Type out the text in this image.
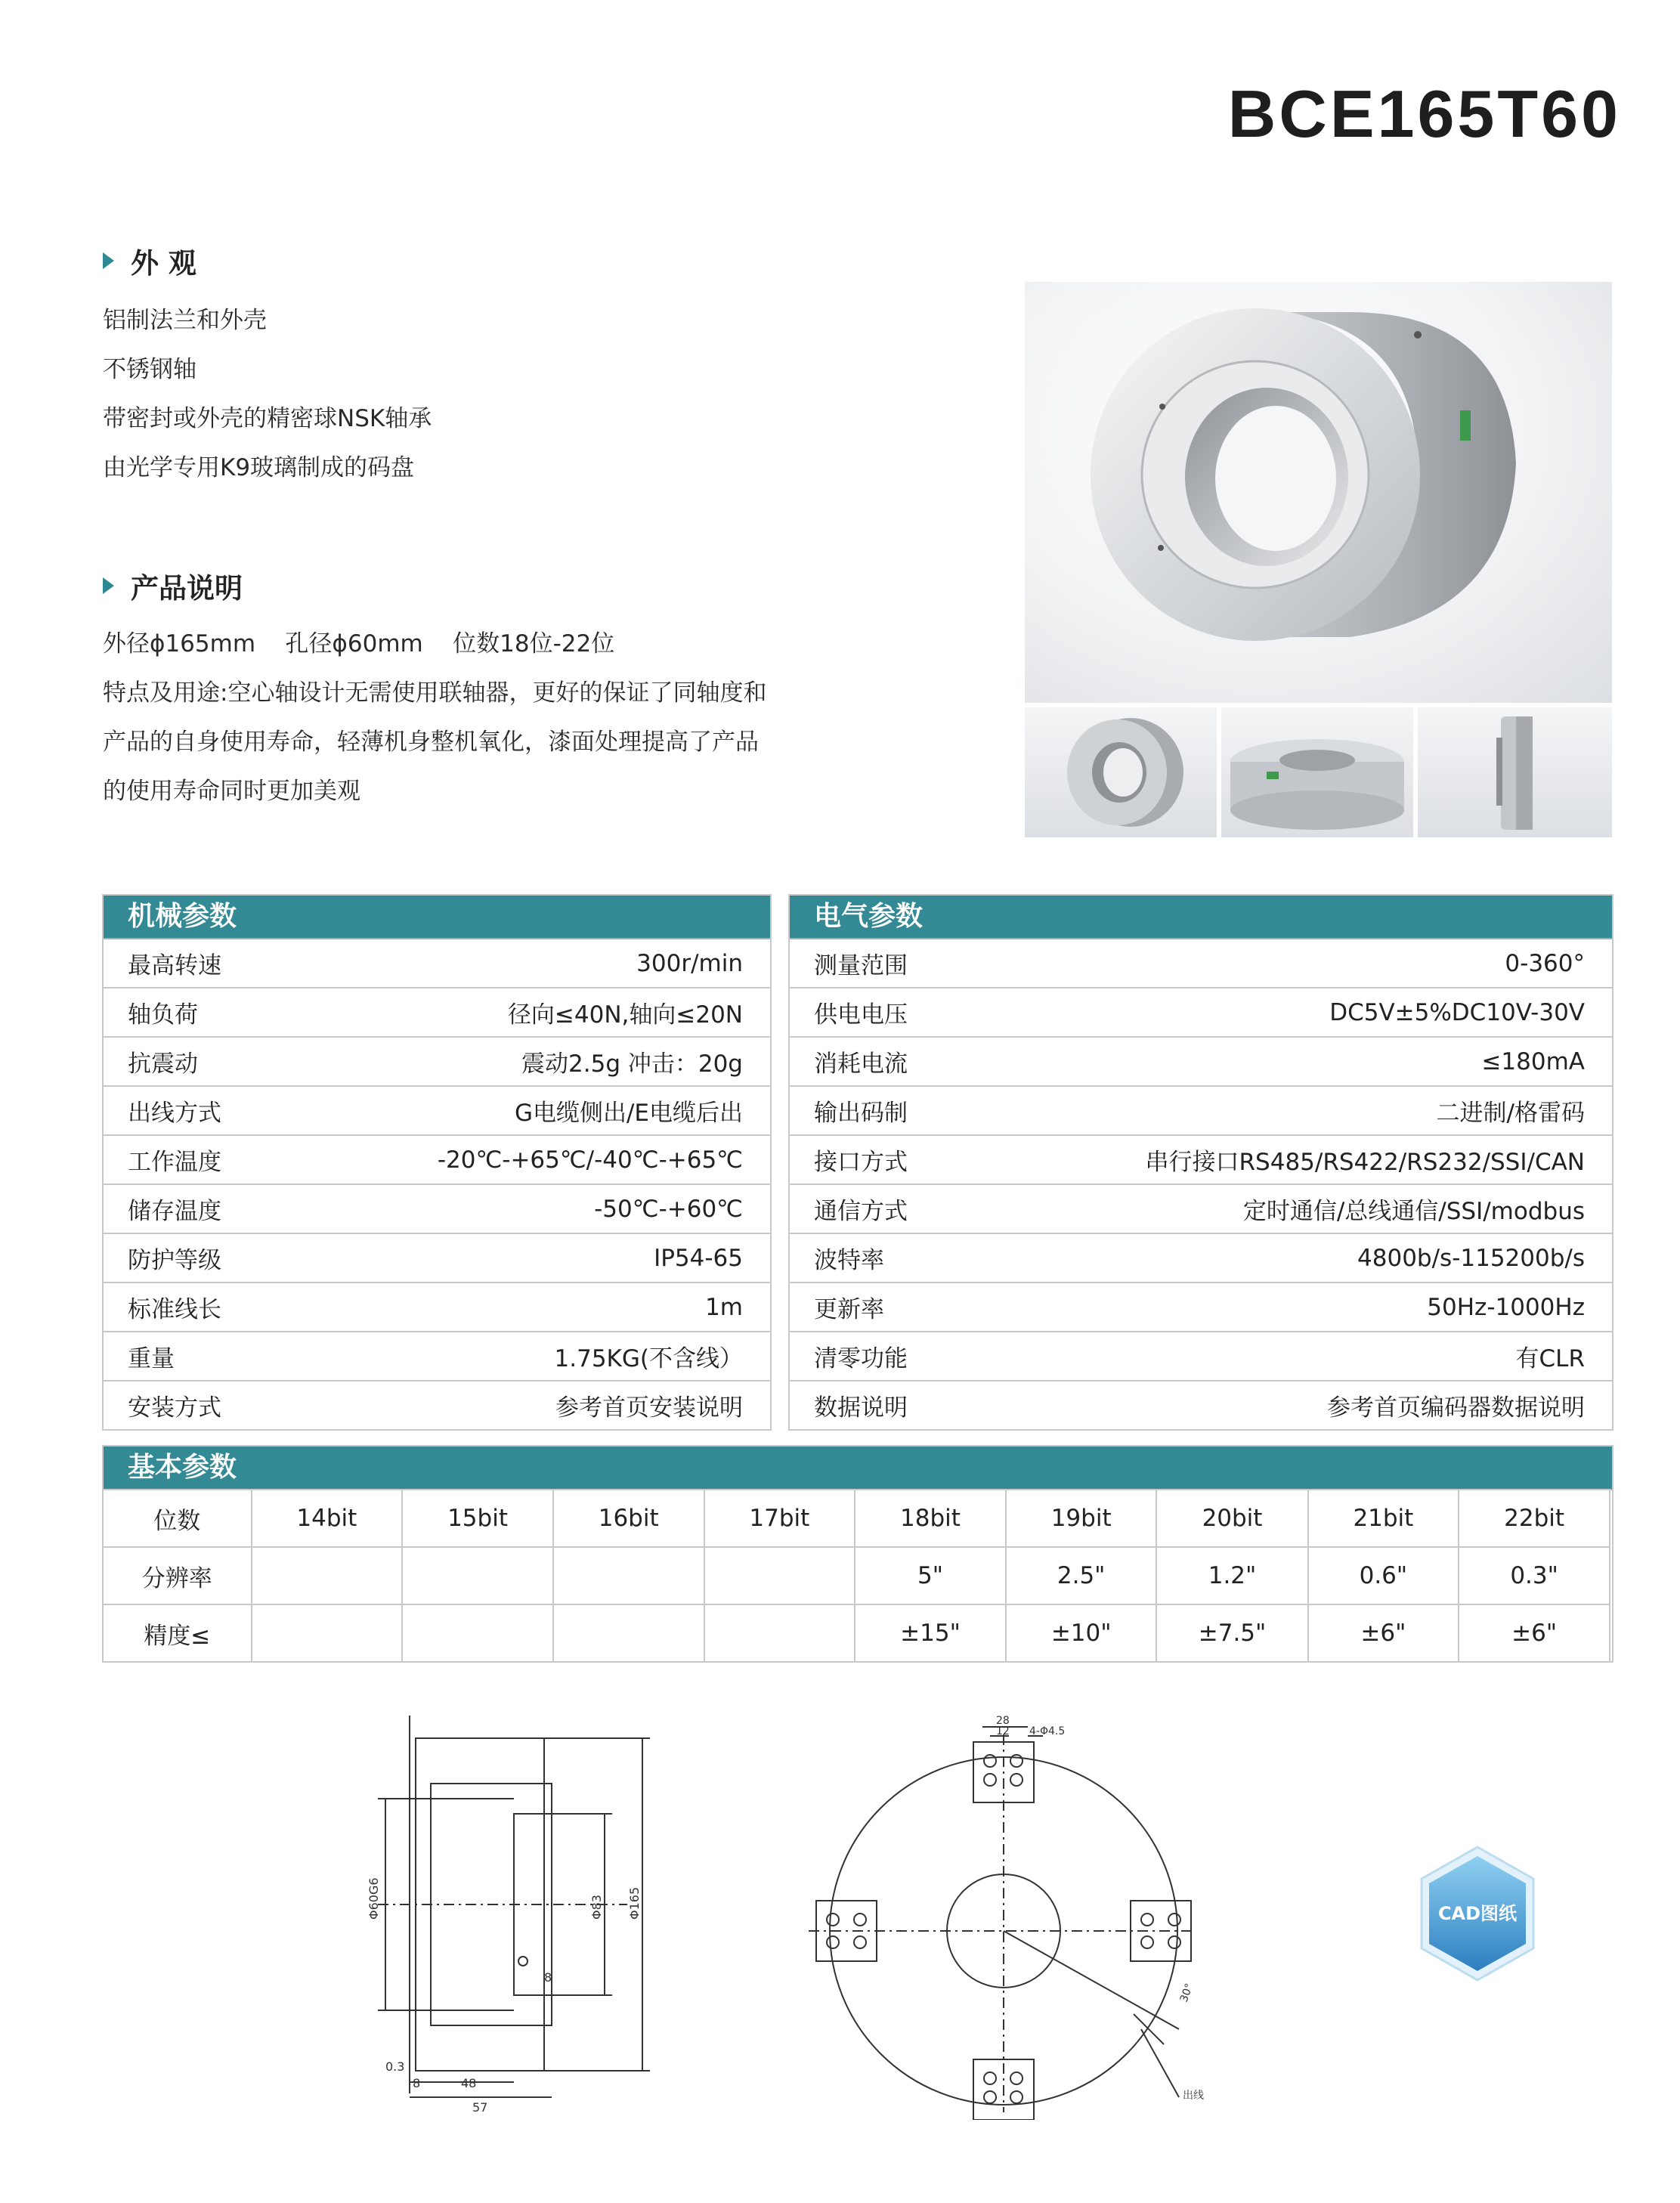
BCE165T60
外 观
铝制法兰和外壳
不锈钢轴
带密封或外壳的精密球NSK轴承
由光学专用K9玻璃制成的码盘
产品说明
外径ϕ165mm    孔径ϕ60mm    位数18位-22位
特点及用途:空心轴设计无需使用联轴器，更好的保证了同轴度和
产品的自身使用寿命，轻薄机身整机氧化，漆面处理提高了产品
的使用寿命同时更加美观
机械参数
最高转速	300r/min
轴负荷	径向≤40N,轴向≤20N
抗震动	震动2.5g 冲击：20g
出线方式	G电缆侧出/E电缆后出
工作温度	-20℃-+65℃/-40℃-+65℃
储存温度	-50℃-+60℃
防护等级	IP54-65
标准线长	1m
重量	1.75KG(不含线）
安装方式	参考首页安装说明
电气参数
测量范围	0-360°
供电电压	DC5V±5%DC10V-30V
消耗电流	≤180mA
输出码制	二进制/格雷码
接口方式	串行接口RS485/RS422/RS232/SSI/CAN
通信方式	定时通信/总线通信/SSI/modbus
波特率	4800b/s-115200b/s
更新率	50Hz-1000Hz
清零功能	有CLR
数据说明	参考首页编码器数据说明
基本参数
位数	14bit	15bit	16bit	17bit	18bit	19bit	20bit	21bit	22bit
分辨率					5"	2.5"	1.2"	0.6"	0.3"
精度≤					±15"	±10"	±7.5"	±6"	±6"
Φ60G6	Φ83 Φ165
0.3
8	48
57
8
28
12 4-Φ4.5
30°
出线
CAD图纸
